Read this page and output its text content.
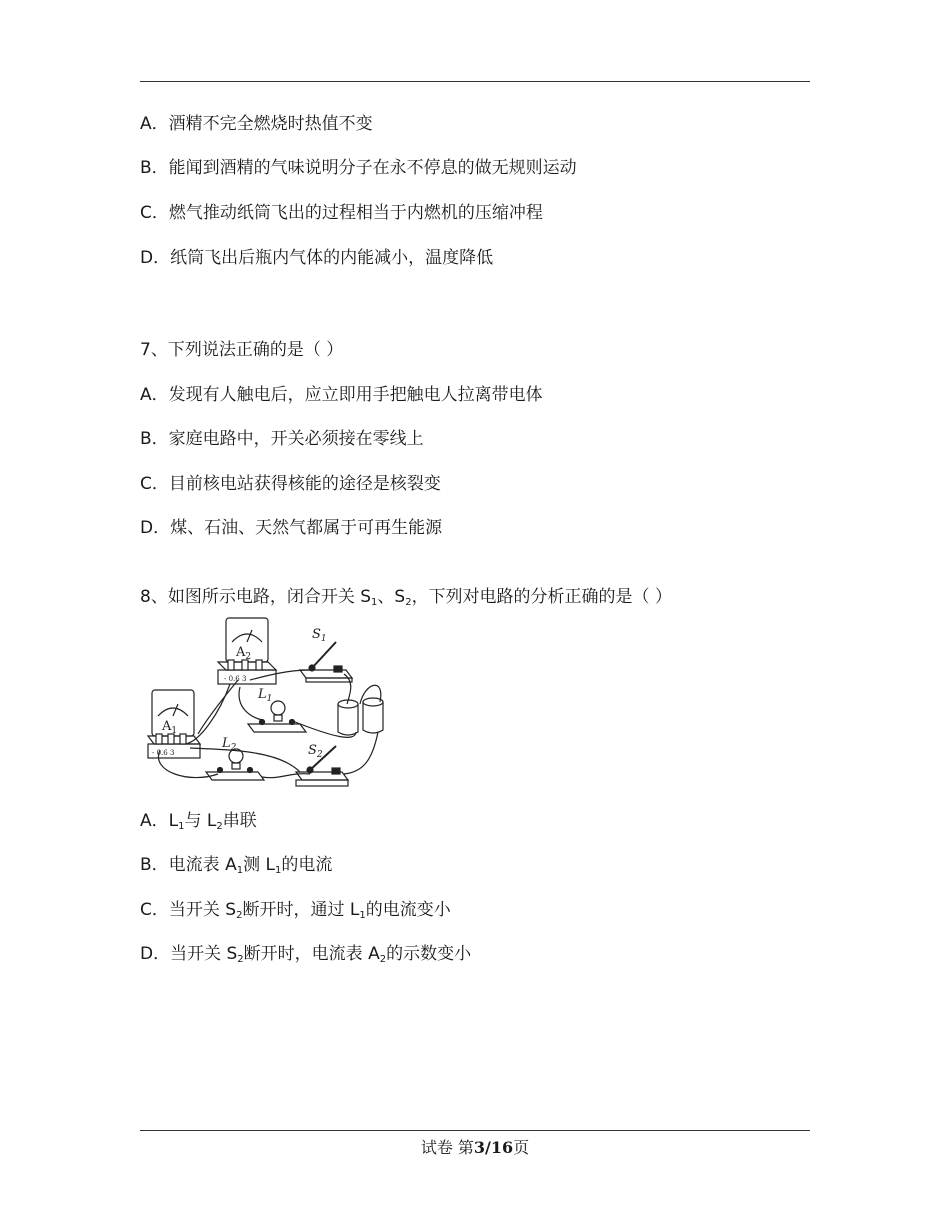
A．酒精不完全燃烧时热值不变
B．能闻到酒精的气味说明分子在永不停息的做无规则运动
C．燃气推动纸筒飞出的过程相当于内燃机的压缩冲程
D．纸筒飞出后瓶内气体的内能减小，温度降低
7、下列说法正确的是（ ）
A．发现有人触电后，应立即用手把触电人拉离带电体
B．家庭电路中，开关必须接在零线上
C．目前核电站获得核能的途径是核裂变
D．煤、石油、天然气都属于可再生能源
8、如图所示电路，闭合开关 $S_1$、$S_2$，下列对电路的分析正确的是（ ）
$A_2$
- 0.6 3
$A_1$
- 0.6 3
$L_1$
$L_2$
$S_1$
$S_2$
A．$L_1$与 $L_2$串联
B．电流表 $A_1$测 $L_1$的电流
C．当开关 $S_2$断开时，通过 $L_1$的电流变小
D．当开关 $S_2$断开时，电流表 $A_2$的示数变小
试卷 第3/16页
